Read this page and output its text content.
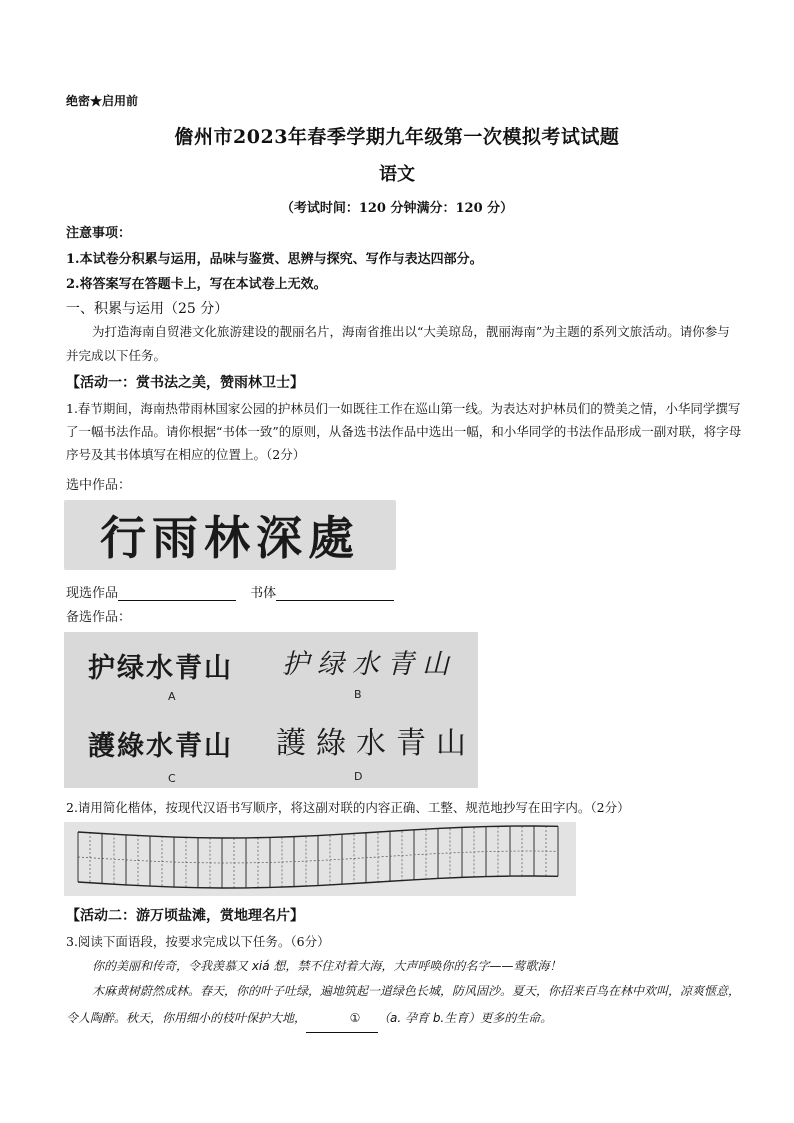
绝密★启用前
儋州市2023年春季学期九年级第一次模拟考试试题
语文
（考试时间：120 分钟满分：120 分）
注意事项：
1.本试卷分积累与运用，品味与鉴赏、思辨与探究、写作与表达四部分。
2.将答案写在答题卡上，写在本试卷上无效。
一、积累与运用（25 分）
为打造海南自贸港文化旅游建设的靓丽名片，海南省推出以“大美琼岛，靓丽海南”为主题的系列文旅活动。请你参与并完成以下任务。
【活动一：赏书法之美，赞雨林卫士】
1.春节期间，海南热带雨林国家公园的护林员们一如既往工作在巡山第一线。为表达对护林员们的赞美之情，小华同学撰写了一幅书法作品。请你根据“书体一致”的原则，从备选书法作品中选出一幅，和小华同学的书法作品形成一副对联，将字母序号及其书体填写在相应的位置上。（2分）
选中作品：
行雨林深處
现选作品	书体
备选作品：
护绿水青山
A
护绿水青山
B
護綠水青山
C
護綠水青山
D
2.请用简化楷体，按现代汉语书写顺序，将这副对联的内容正确、工整、规范地抄写在田字内。（2分）
【活动二：游万顷盐滩，赏地理名片】
3.阅读下面语段，按要求完成以下任务。（6分）
你的美丽和传奇，令我羡慕又 xiá 想，禁不住对着大海，大声呼唤你的名字——莺歌海！
木麻黄树蔚然成林。春天，你的叶子吐绿，遍地筑起一道绿色长城，防风固沙。夏天，你招来百鸟在林中欢叫，凉爽惬意，令人陶醉。秋天，你用细小的枝叶保护大地，	① （a. 孕育 b.生育）更多的生命。
